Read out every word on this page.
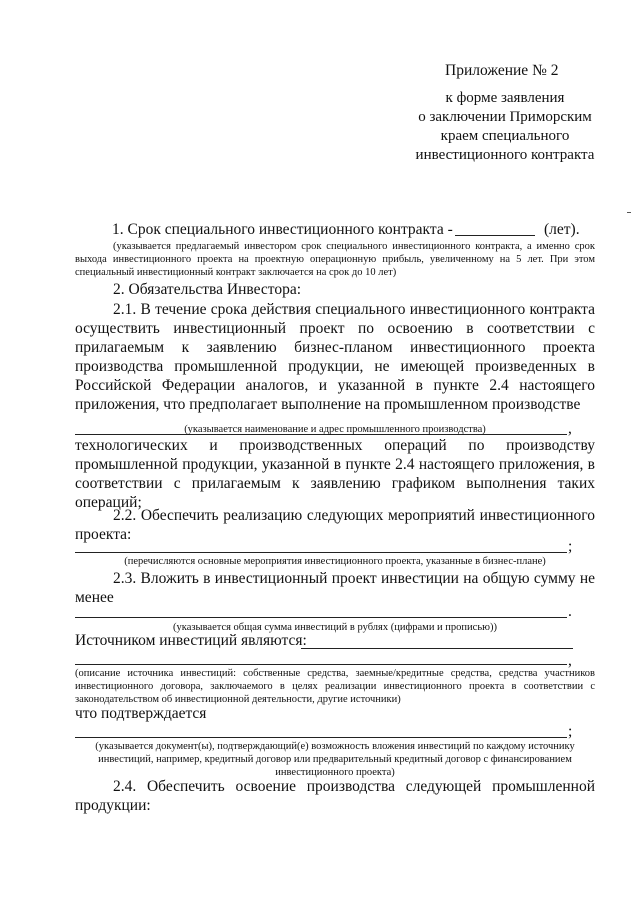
Приложение № 2
к форме заявления
о заключении Приморским
краем специального
инвестиционного контракта
1. Срок специального инвестиционного контракта -	(лет).
(указывается предлагаемый инвестором срок специального инвестиционного контракта, а именно срок выхода инвестиционного проекта на проектную операционную прибыль, увеличенному на 5 лет. При этом специальный инвестиционный контракт заключается на срок до 10 лет)
2. Обязательства Инвестора:
2.1. В течение срока действия специального инвестиционного контракта осуществить инвестиционный проект по освоению в соответствии с прилагаемым к заявлению бизнес-планом инвестиционного проекта производства промышленной продукции, не имеющей произведенных в Российской Федерации аналогов, и указанной в пункте 2.4 настоящего приложения, что предполагает выполнение на промышленном производстве
,
(указывается наименование и адрес промышленного производства)
технологических и производственных операций по производству промышленной продукции, указанной в пункте 2.4 настоящего приложения, в соответствии с прилагаемым к заявлению графиком выполнения таких операций;
2.2. Обеспечить реализацию следующих мероприятий инвестиционного проекта:
;
(перечисляются основные мероприятия инвестиционного проекта, указанные в бизнес-плане)
2.3. Вложить в инвестиционный проект инвестиции на общую сумму не менее
.
(указывается общая сумма инвестиций в рублях (цифрами и прописью))
Источником инвестиций являются:
,
(описание источника инвестиций: собственные средства, заемные/кредитные средства, средства участников инвестиционного договора, заключаемого в целях реализации инвестиционного проекта в соответствии с законодательством об инвестиционной деятельности, другие источники)
что подтверждается
;
(указывается документ(ы), подтверждающий(е) возможность вложения инвестиций по каждому источнику инвестиций, например, кредитный договор или предварительный кредитный договор с финансированием инвестиционного проекта)
2.4. Обеспечить освоение производства следующей промышленной продукции:
